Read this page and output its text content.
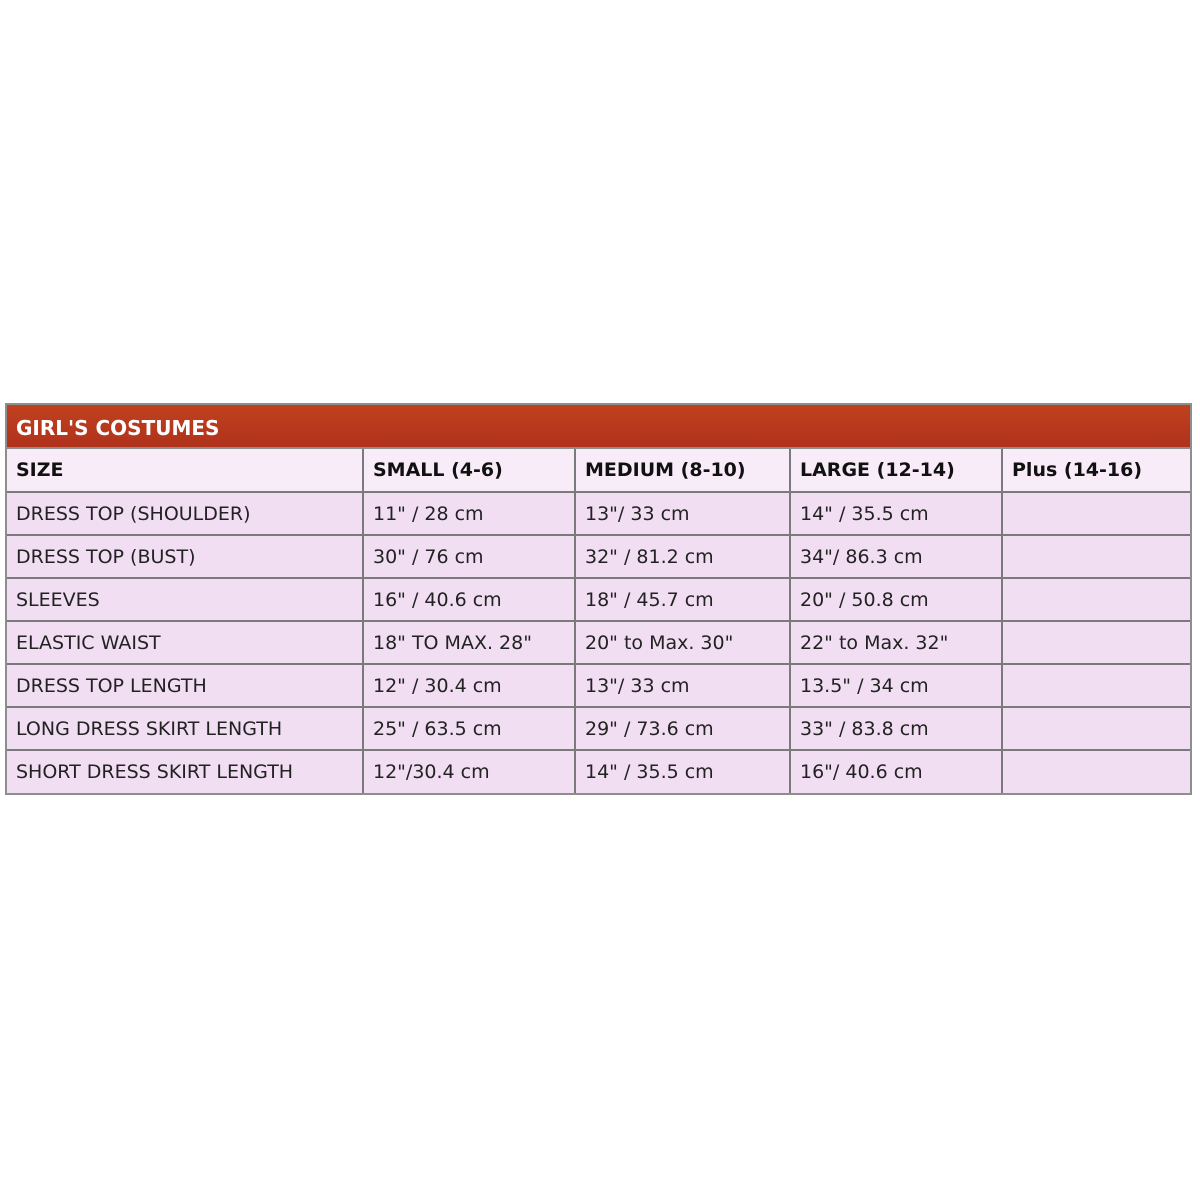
GIRL'S COSTUMES
SIZE	SMALL (4-6)	MEDIUM (8-10)	LARGE (12-14)	Plus (14-16)
DRESS TOP (SHOULDER)	11" / 28 cm	13"/ 33 cm	14" / 35.5 cm	
DRESS TOP (BUST)	30" / 76 cm	32" / 81.2 cm	34"/ 86.3 cm	
SLEEVES	16" / 40.6 cm	18" / 45.7 cm	20" / 50.8 cm	
ELASTIC WAIST	18" TO MAX. 28"	20" to Max. 30"	22" to Max. 32"	
DRESS TOP LENGTH	12" / 30.4 cm	13"/ 33 cm	13.5" / 34 cm	
LONG DRESS SKIRT LENGTH	25" / 63.5 cm	29" / 73.6 cm	33" / 83.8 cm	
SHORT DRESS SKIRT LENGTH	12"/30.4 cm	14" / 35.5 cm	16"/ 40.6 cm	
